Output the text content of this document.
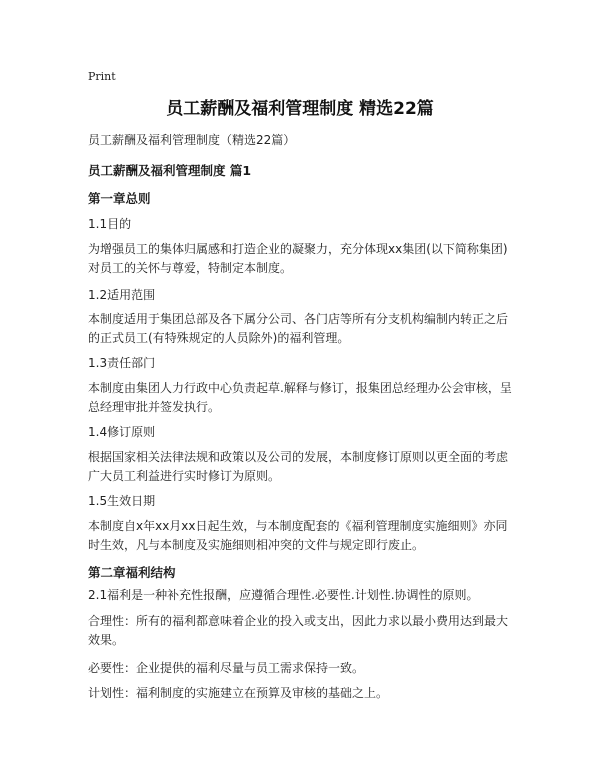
Print
员工薪酬及福利管理制度 精选22篇
员工薪酬及福利管理制度（精选22篇）
员工薪酬及福利管理制度 篇1
第一章总则
1.1目的
为增强员工的集体归属感和打造企业的凝聚力，充分体现xx集团(以下简称集团)对员工的关怀与尊爱，特制定本制度。
1.2适用范围
本制度适用于集团总部及各下属分公司、各门店等所有分支机构编制内转正之后的正式员工(有特殊规定的人员除外)的福利管理。
1.3责任部门
本制度由集团人力行政中心负责起草.解释与修订，报集团总经理办公会审核，呈总经理审批并签发执行。
1.4修订原则
根据国家相关法律法规和政策以及公司的发展，本制度修订原则以更全面的考虑广大员工利益进行实时修订为原则。
1.5生效日期
本制度自x年xx月xx日起生效，与本制度配套的《福利管理制度实施细则》亦同时生效，凡与本制度及实施细则相冲突的文件与规定即行废止。
第二章福利结构
2.1福利是一种补充性报酬，应遵循合理性.必要性.计划性.协调性的原则。
合理性：所有的福利都意味着企业的投入或支出，因此力求以最小费用达到最大效果。
必要性：企业提供的福利尽量与员工需求保持一致。
计划性：福利制度的实施建立在预算及审核的基础之上。
